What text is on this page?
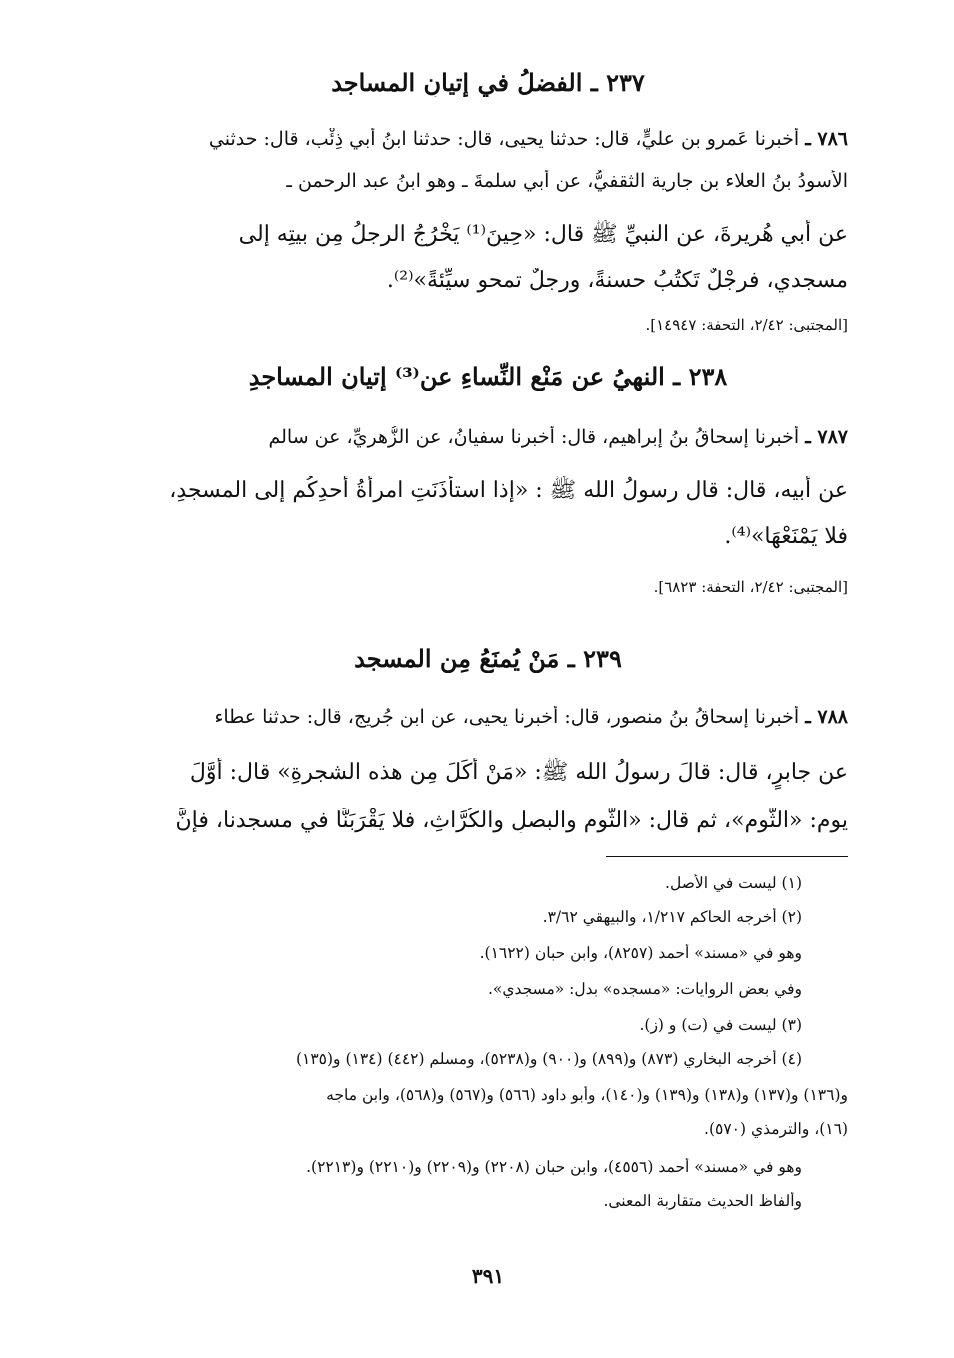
٢٣٧ ـ الفضلُ في إتيانِ المساجد
٧٨٦ ـ أخبرنا عَمرو بن عليٍّ، قال: حدثنا يحيى، قال: حدثنا ابنُ أبي ذِئْب، قال: حدثني
الأَسودُ بنُ العلاء بنِ جارية الثقفيُّ، عن أبي سلمةَ ـ وهو ابنُ عبد الرحمن ـ
عن أبي هُريرةَ، عن النبيِّ ﷺ قال: «حِينَ⁽¹⁾ يَخْرُجُ الرجلُ مِن بيتِه إلى
مسجدي، فرِجْلٌ تَكتُبُ حسنةً، ورِجلٌ تمحو سيِّئةً»⁽²⁾.
[المجتبى: ٢/٤٢، التحفة: ١٤٩٤٧].
٢٣٨ ـ النهيُ عن مَنْعِ النِّساءِ عن⁽³⁾ إتيانِ المساجدِ
٧٨٧ ـ أخبرنا إسحاقُ بنُ إبراهيم، قال: أخبرنا سفيانُ، عن الزُّهريِّ، عن سالمٍ
عن أبيه، قال: قال رسولُ الله ﷺ : «إذا استأْذَنَتِ امرأةُ أَحدِكُم إلى المسجدِ،
فلا يَمْنَعْهَا»⁽⁴⁾.
[المجتبى: ٢/٤٢، التحفة: ٦٨٢٣].
٢٣٩ ـ مَنْ يُمنَعُ مِن المسجد
٧٨٨ ـ أخبرنا إسحاقُ بنُ منصور، قال: أخبرنا يحيى، عن ابن جُريج، قال: حدثنا عطاء
عن جابرٍ، قال: قالَ رسولُ الله ﷺ: «مَنْ أَكَلَ مِن هذه الشجرةِ» قال: أَوَّلَ
يوم: «الثُّوم»، ثم قال: «الثُّومِ والبصلِ والكُرَّاثِ، فلا يَقْرَبَنَّا في مسجدنا، فإنَّ
(١) ليست في الأصل.
(٢) أخرجه الحاكم ١/٢١٧، والبيهقي ٣/٦٢.
وهو في «مسند» أحمد (٨٢٥٧)، وابن حبان (١٦٢٢).
وفي بعض الروايات: «مسجده» بدل: «مسجدي».
(٣) ليست في (ت) و (ز).
(٤) أخرجه البخاري (٨٧٣) و(٨٩٩) و(٩٠٠) و(٥٢٣٨)، ومسلم (٤٤٢) (١٣٤) و(١٣٥)
و(١٣٦) و(١٣٧) و(١٣٨) و(١٣٩) و(١٤٠)، وأبو داود (٥٦٦) و(٥٦٧) و(٥٦٨)، وابن ماجه
(١٦)، والترمذي (٥٧٠).
وهو في «مسند» أحمد (٤٥٥٦)، وابن حبان (٢٢٠٨) و(٢٢٠٩) و(٢٢١٠) و(٢٢١٣).
وألفاظ الحديث متقاربة المعنى.
٣٩١
